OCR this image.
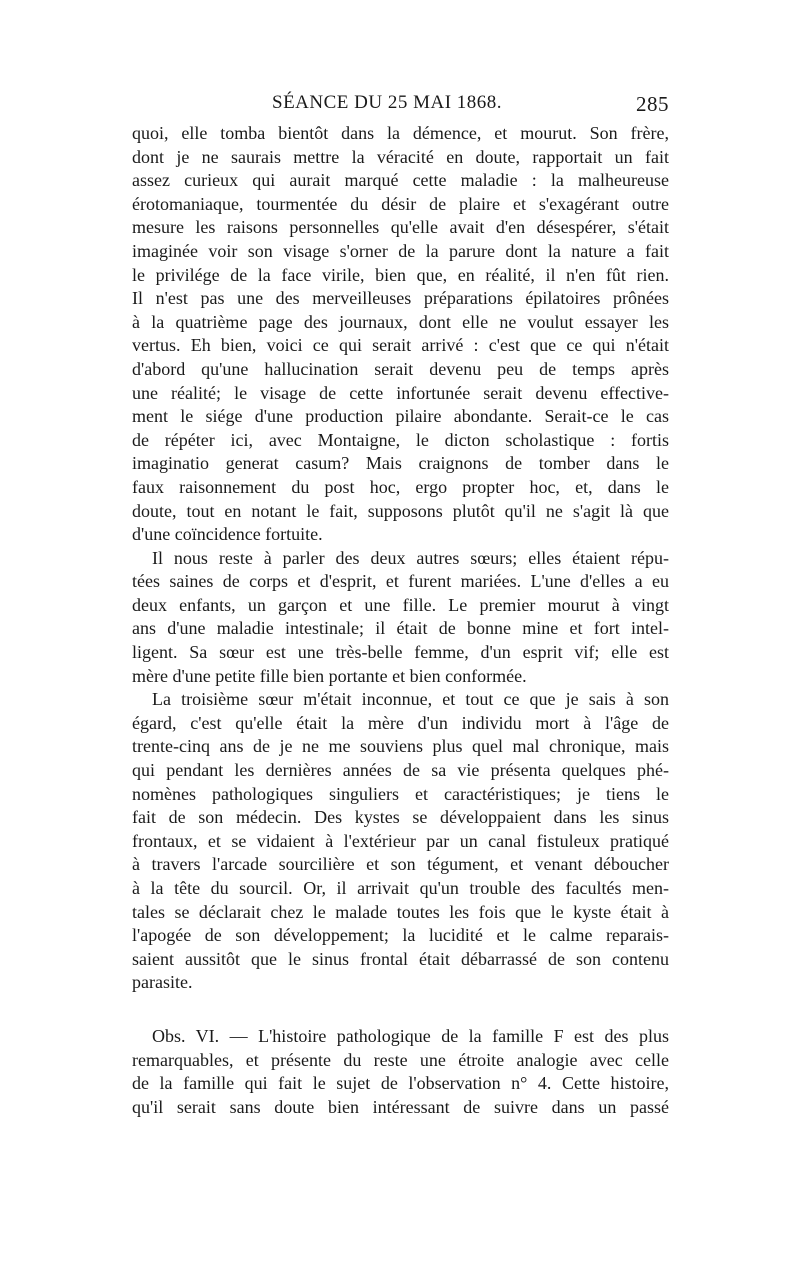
SÉANCE DU 25 MAI 1868.	285

quoi, elle tomba bientôt dans la démence, et mourut. Son frère,
dont je ne saurais mettre la véracité en doute, rapportait un fait
assez curieux qui aurait marqué cette maladie : la malheureuse
érotomaniaque, tourmentée du désir de plaire et s'exagérant outre
mesure les raisons personnelles qu'elle avait d'en désespérer, s'était
imaginée voir son visage s'orner de la parure dont la nature a fait
le privilége de la face virile, bien que, en réalité, il n'en fût rien.
Il n'est pas une des merveilleuses préparations épilatoires prônées
à la quatrième page des journaux, dont elle ne voulut essayer les
vertus. Eh bien, voici ce qui serait arrivé : c'est que ce qui n'était
d'abord qu'une hallucination serait devenu peu de temps après
une réalité; le visage de cette infortunée serait devenu effective-
ment le siége d'une production pilaire abondante. Serait-ce le cas
de répéter ici, avec Montaigne, le dicton scholastique : fortis
imaginatio generat casum? Mais craignons de tomber dans le
faux raisonnement du post hoc, ergo propter hoc, et, dans le
doute, tout en notant le fait, supposons plutôt qu'il ne s'agit là que
d'une coïncidence fortuite.

Il nous reste à parler des deux autres sœurs; elles étaient répu-
tées saines de corps et d'esprit, et furent mariées. L'une d'elles a eu
deux enfants, un garçon et une fille. Le premier mourut à vingt
ans d'une maladie intestinale; il était de bonne mine et fort intel-
ligent. Sa sœur est une très-belle femme, d'un esprit vif; elle est
mère d'une petite fille bien portante et bien conformée.

La troisième sœur m'était inconnue, et tout ce que je sais à son
égard, c'est qu'elle était la mère d'un individu mort à l'âge de
trente-cinq ans de je ne me souviens plus quel mal chronique, mais
qui pendant les dernières années de sa vie présenta quelques phé-
nomènes pathologiques singuliers et caractéristiques; je tiens le
fait de son médecin. Des kystes se développaient dans les sinus
frontaux, et se vidaient à l'extérieur par un canal fistuleux pratiqué
à travers l'arcade sourcilière et son tégument, et venant déboucher
à la tête du sourcil. Or, il arrivait qu'un trouble des facultés men-
tales se déclarait chez le malade toutes les fois que le kyste était à
l'apogée de son développement; la lucidité et le calme reparais-
saient aussitôt que le sinus frontal était débarrassé de son contenu
parasite.

Obs. VI. — L'histoire pathologique de la famille F est des plus
remarquables, et présente du reste une étroite analogie avec celle
de la famille qui fait le sujet de l'observation n° 4. Cette histoire,
qu'il serait sans doute bien intéressant de suivre dans un passé
